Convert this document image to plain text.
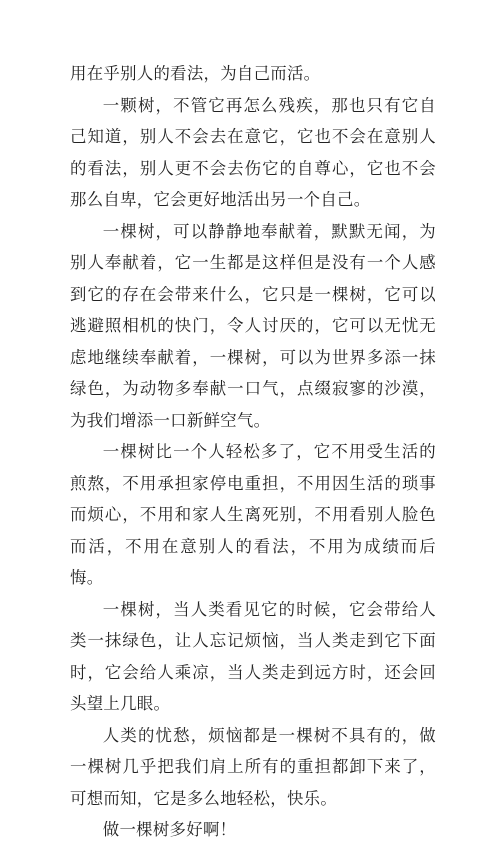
用在乎别人的看法，为自己而活。

一颗树，不管它再怎么残疾，那也只有它自己知道，别人不会去在意它，它也不会在意别人的看法，别人更不会去伤它的自尊心，它也不会那么自卑，它会更好地活出另一个自己。

一棵树，可以静静地奉献着，默默无闻，为别人奉献着，它一生都是这样但是没有一个人感到它的存在会带来什么，它只是一棵树，它可以逃避照相机的快门，令人讨厌的，它可以无忧无虑地继续奉献着，一棵树，可以为世界多添一抹绿色，为动物多奉献一口气，点缀寂寥的沙漠，为我们增添一口新鲜空气。

一棵树比一个人轻松多了，它不用受生活的煎熬，不用承担家停电重担，不用因生活的琐事而烦心，不用和家人生离死别，不用看别人脸色而活，不用在意别人的看法，不用为成绩而后悔。

一棵树，当人类看见它的时候，它会带给人类一抹绿色，让人忘记烦恼，当人类走到它下面时，它会给人乘凉，当人类走到远方时，还会回头望上几眼。

人类的忧愁，烦恼都是一棵树不具有的，做一棵树几乎把我们肩上所有的重担都卸下来了，可想而知，它是多么地轻松，快乐。

做一棵树多好啊！
